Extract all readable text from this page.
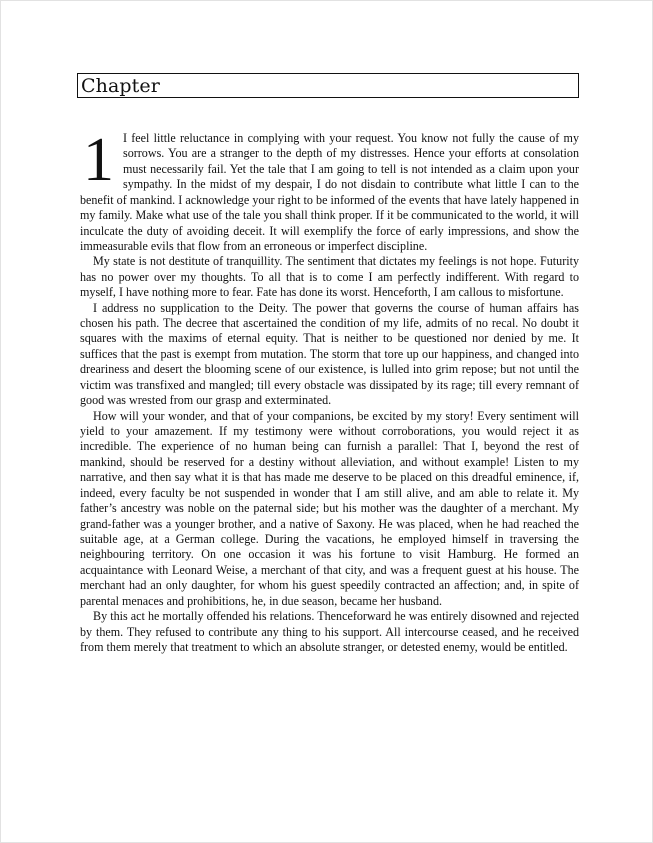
Chapter

1 I feel little reluctance in complying with your request. You know not fully the cause of my sorrows. You are a stranger to the depth of my distresses. Hence your efforts at consolation must necessarily fail. Yet the tale that I am going to tell is not intended as a claim upon your sympathy. In the midst of my despair, I do not disdain to contribute what little I can to the benefit of mankind. I acknowledge your right to be informed of the events that have lately happened in my family. Make what use of the tale you shall think proper. If it be communicated to the world, it will inculcate the duty of avoiding deceit. It will exemplify the force of early impressions, and show the immeasurable evils that flow from an erroneous or imperfect discipline.

My state is not destitute of tranquillity. The sentiment that dictates my feelings is not hope. Futurity has no power over my thoughts. To all that is to come I am perfectly indifferent. With regard to myself, I have nothing more to fear. Fate has done its worst. Henceforth, I am callous to misfortune.

I address no supplication to the Deity. The power that governs the course of human affairs has chosen his path. The decree that ascertained the condition of my life, admits of no recal. No doubt it squares with the maxims of eternal equity. That is neither to be questioned nor denied by me. It suffices that the past is exempt from mutation. The storm that tore up our happiness, and changed into dreariness and desert the blooming scene of our existence, is lulled into grim repose; but not until the victim was transfixed and mangled; till every obstacle was dissipated by its rage; till every remnant of good was wrested from our grasp and exterminated.

How will your wonder, and that of your companions, be excited by my story! Every sentiment will yield to your amazement. If my testimony were without corroborations, you would reject it as incredible. The experience of no human being can furnish a parallel: That I, beyond the rest of mankind, should be reserved for a destiny without alleviation, and without example! Listen to my narrative, and then say what it is that has made me deserve to be placed on this dreadful eminence, if, indeed, every faculty be not suspended in wonder that I am still alive, and am able to relate it. My father’s ancestry was noble on the paternal side; but his mother was the daughter of a merchant. My grand-father was a younger brother, and a native of Saxony. He was placed, when he had reached the suitable age, at a German college. During the vacations, he employed himself in traversing the neighbouring territory. On one occasion it was his fortune to visit Hamburg. He formed an acquaintance with Leonard Weise, a merchant of that city, and was a frequent guest at his house. The merchant had an only daughter, for whom his guest speedily contracted an affection; and, in spite of parental menaces and prohibitions, he, in due season, became her husband.

By this act he mortally offended his relations. Thenceforward he was entirely disowned and rejected by them. They refused to contribute any thing to his support. All intercourse ceased, and he received from them merely that treatment to which an absolute stranger, or detested enemy, would be entitled.
